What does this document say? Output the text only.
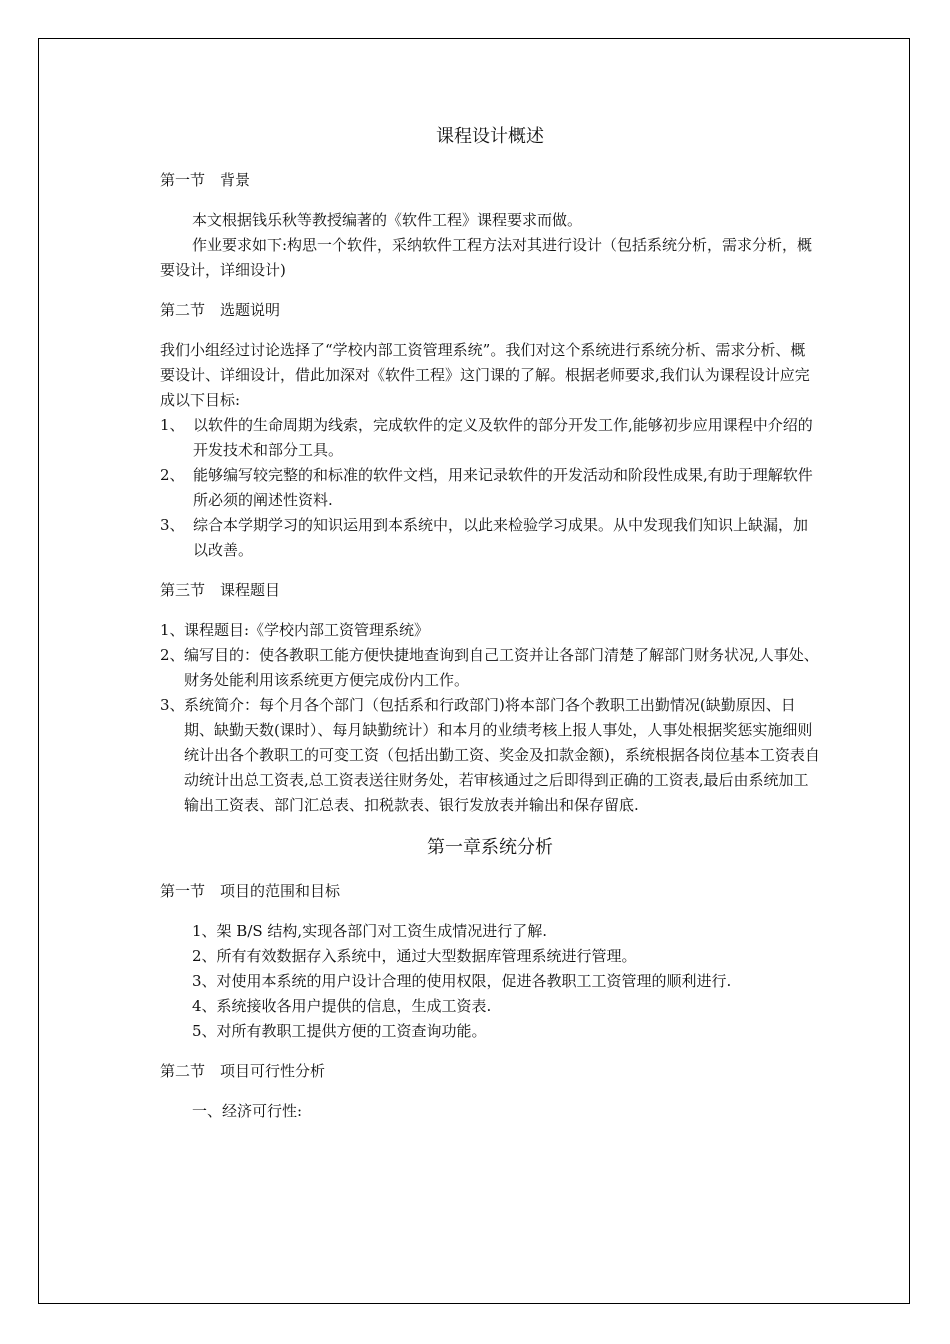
课程设计概述
第一节　背景

本文根据钱乐秋等教授编著的《软件工程》课程要求而做。

作业要求如下:构思一个软件，采纳软件工程方法对其进行设计（包括系统分析，需求分析，概要设计，详细设计)

第二节　选题说明

我们小组经过讨论选择了“学校内部工资管理系统”。我们对这个系统进行系统分析、需求分析、概要设计、详细设计，借此加深对《软件工程》这门课的了解。根据老师要求,我们认为课程设计应完成以下目标:

1、 以软件的生命周期为线索，完成软件的定义及软件的部分开发工作,能够初步应用课程中介绍的开发技术和部分工具。
2、 能够编写较完整的和标准的软件文档，用来记录软件的开发活动和阶段性成果,有助于理解软件所必须的阐述性资料.
3、 综合本学期学习的知识运用到本系统中，以此来检验学习成果。从中发现我们知识上缺漏，加以改善。
第三节　课程题目
1、 课程题目:《学校内部工资管理系统》
2、 编写目的：使各教职工能方便快捷地查询到自己工资并让各部门清楚了解部门财务状况,人事处、财务处能利用该系统更方便完成份内工作。
3、 系统简介：每个月各个部门（包括系和行政部门)将本部门各个教职工出勤情况(缺勤原因、日期、缺勤天数(课时）、每月缺勤统计）和本月的业绩考核上报人事处，人事处根据奖惩实施细则统计出各个教职工的可变工资（包括出勤工资、奖金及扣款金额)，系统根据各岗位基本工资表自动统计出总工资表,总工资表送往财务处，若审核通过之后即得到正确的工资表,最后由系统加工输出工资表、部门汇总表、扣税款表、银行发放表并输出和保存留底.
第一章系统分析
第一节　项目的范围和目标

1、架 B/S 结构,实现各部门对工资生成情况进行了解.

2、所有有效数据存入系统中，通过大型数据库管理系统进行管理。

3、对使用本系统的用户设计合理的使用权限，促进各教职工工资管理的顺利进行.

4、系统接收各用户提供的信息，生成工资表.

5、对所有教职工提供方便的工资查询功能。

第二节　项目可行性分析

一、经济可行性:
